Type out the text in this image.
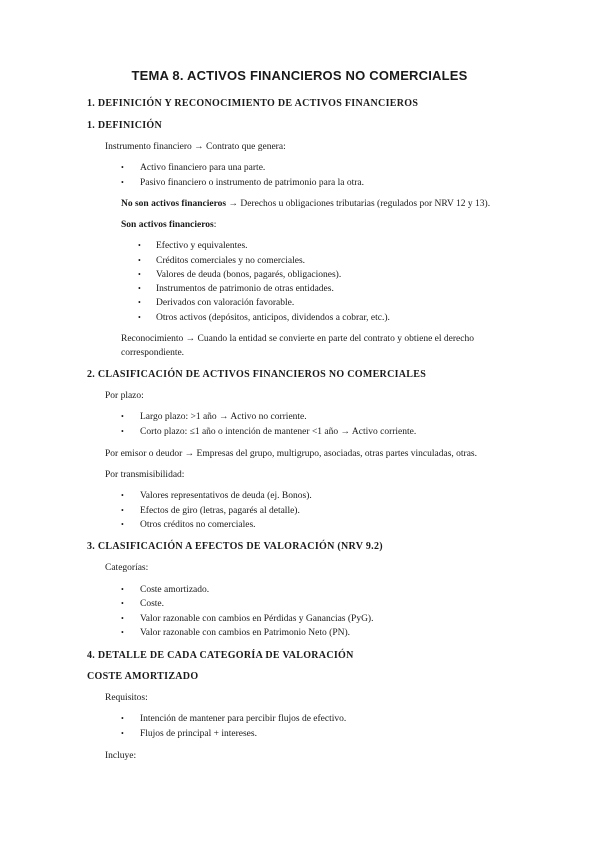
TEMA 8. ACTIVOS FINANCIEROS NO COMERCIALES
1. DEFINICIÓN Y RECONOCIMIENTO DE ACTIVOS FINANCIEROS
1. DEFINICIÓN
Instrumento financiero → Contrato que genera:
• Activo financiero para una parte.
• Pasivo financiero o instrumento de patrimonio para la otra.
No son activos financieros → Derechos u obligaciones tributarias (regulados por NRV 12 y 13).
Son activos financieros:
• Efectivo y equivalentes.
• Créditos comerciales y no comerciales.
• Valores de deuda (bonos, pagarés, obligaciones).
• Instrumentos de patrimonio de otras entidades.
• Derivados con valoración favorable.
• Otros activos (depósitos, anticipos, dividendos a cobrar, etc.).
Reconocimiento → Cuando la entidad se convierte en parte del contrato y obtiene el derecho
correspondiente.
2. CLASIFICACIÓN DE ACTIVOS FINANCIEROS NO COMERCIALES
Por plazo:
• Largo plazo: >1 año → Activo no corriente.
• Corto plazo: ≤1 año o intención de mantener <1 año → Activo corriente.
Por emisor o deudor → Empresas del grupo, multigrupo, asociadas, otras partes vinculadas, otras.
Por transmisibilidad:
• Valores representativos de deuda (ej. Bonos).
• Efectos de giro (letras, pagarés al detalle).
• Otros créditos no comerciales.
3. CLASIFICACIÓN A EFECTOS DE VALORACIÓN (NRV 9.2)
Categorías:
• Coste amortizado.
• Coste.
• Valor razonable con cambios en Pérdidas y Ganancias (PyG).
• Valor razonable con cambios en Patrimonio Neto (PN).
4. DETALLE DE CADA CATEGORÍA DE VALORACIÓN
COSTE AMORTIZADO
Requisitos:
• Intención de mantener para percibir flujos de efectivo.
• Flujos de principal + intereses.
Incluye:
